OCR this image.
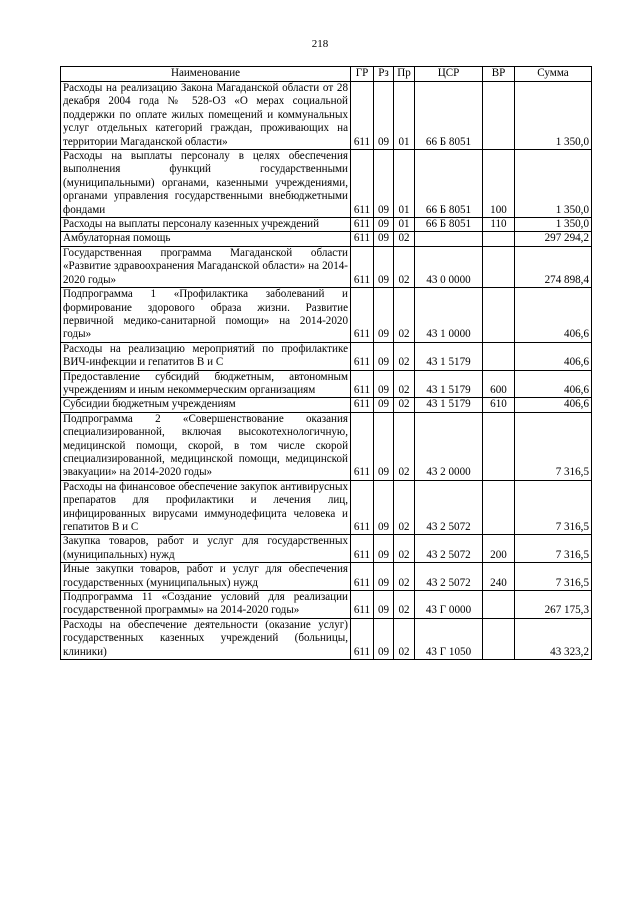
218
Наименование	ГР	Рз	Пр	ЦСР	ВР	Сумма
Расходы на реализацию Закона Магаданской области от 28 декабря 2004 года № 528-ОЗ «О мерах социальной поддержки по оплате жилых помещений и коммунальных услуг отдельных категорий граждан, проживающих на территории Магаданской области»	611	09	01	66 Б 8051		1 350,0
Расходы на выплаты персоналу в целях обеспечения выполнения функций государственными (муниципальными) органами, казенными учреждениями, органами управления государственными внебюджетными фондами	611	09	01	66 Б 8051	100	1 350,0
Расходы на выплаты персоналу казенных учреждений	611	09	01	66 Б 8051	110	1 350,0
Амбулаторная помощь	611	09	02			297 294,2
Государственная программа Магаданской области «Развитие здравоохранения Магаданской области» на 2014-2020 годы»	611	09	02	43 0 0000		274 898,4
Подпрограмма 1 «Профилактика заболеваний и формирование здорового образа жизни. Развитие первичной медико-санитарной помощи» на 2014-2020 годы»	611	09	02	43 1 0000		406,6
Расходы на реализацию мероприятий по профилактике ВИЧ-инфекции и гепатитов В и С	611	09	02	43 1 5179		406,6
Предоставление субсидий бюджетным, автономным учреждениям и иным некоммерческим организациям	611	09	02	43 1 5179	600	406,6
Субсидии бюджетным учреждениям	611	09	02	43 1 5179	610	406,6
Подпрограмма 2 «Совершенствование оказания специализированной, включая высокотехнологичную, медицинской помощи, скорой, в том числе скорой специализированной, медицинской помощи, медицинской эвакуации» на 2014-2020 годы»	611	09	02	43 2 0000		7 316,5
Расходы на финансовое обеспечение закупок антивирусных препаратов для профилактики и лечения лиц, инфицированных вирусами иммунодефицита человека и гепатитов В и С	611	09	02	43 2 5072		7 316,5
Закупка товаров, работ и услуг для государственных (муниципальных) нужд	611	09	02	43 2 5072	200	7 316,5
Иные закупки товаров, работ и услуг для обеспечения государственных (муниципальных) нужд	611	09	02	43 2 5072	240	7 316,5
Подпрограмма 11 «Создание условий для реализации государственной программы» на 2014-2020 годы»	611	09	02	43 Г 0000		267 175,3
Расходы на обеспечение деятельности (оказание услуг) государственных казенных учреждений (больницы, клиники)	611	09	02	43 Г 1050		43 323,2
